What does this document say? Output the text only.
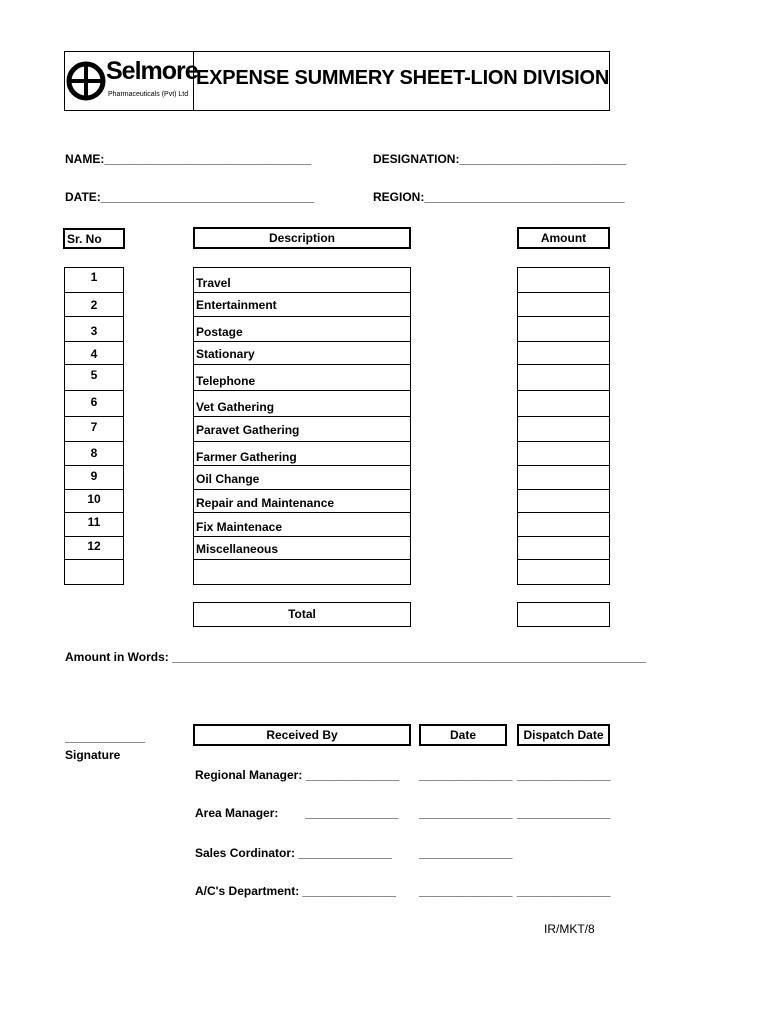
Selmore
Pharmaceuticals (Pvt) Ltd
EXPENSE SUMMERY SHEET-LION DIVISION
NAME:_______________________________	DESIGNATION:_________________________
DATE:________________________________	REGION:______________________________
Sr. No	Description	Amount
1	Travel
2	Entertainment
3	Postage
4	Stationary
5	Telephone
6	Vet Gathering
7	Paravet Gathering
8	Farmer Gathering
9	Oil Change
10	Repair and Maintenance
11	Fix Maintenace
12	Miscellaneous
Total
Amount in Words: _______________________________________________________________________
____________
Signature
Received By	Date	Dispatch Date
Regional Manager: ______________ ______________ ______________
Area Manager:        ______________ ______________ ______________
Sales Cordinator: ______________ ______________
A/C's Department: ______________ ______________ ______________
IR/MKT/8
